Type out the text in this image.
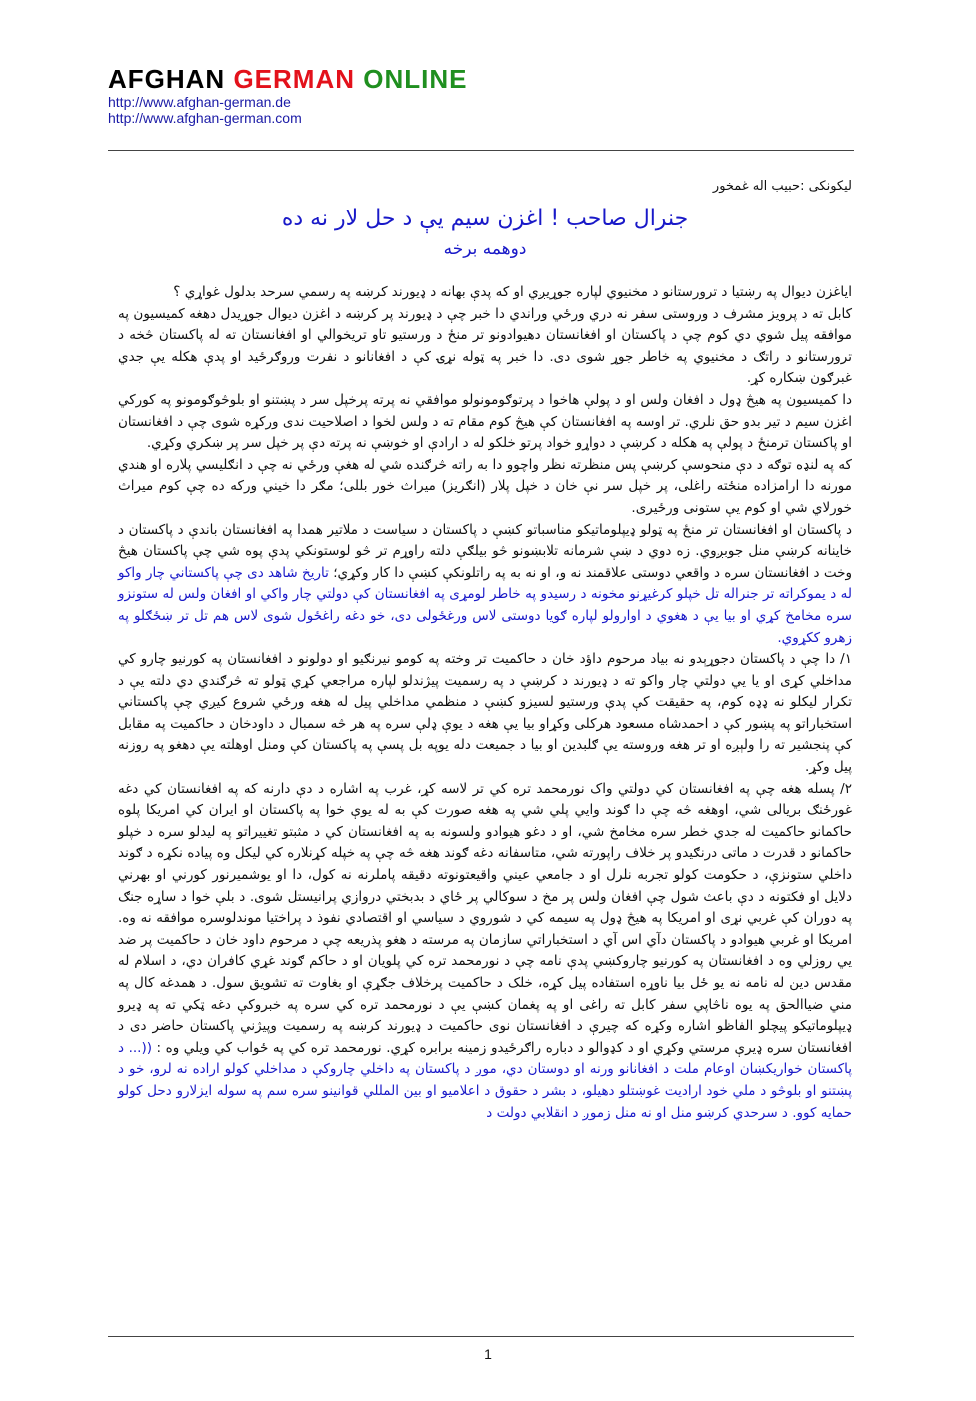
AFGHAN GERMAN ONLINE
http://www.afghan-german.de
http://www.afghan-german.com

ليکونکی :حبيب اله غمخور

جنرال صاحب ! اغزن سيم يې د حل لار نه ده
دوهمه برخه

اياغزن ديوال په رښتيا د ترورستانو د مخنيوي لپاره جوړيږي او که پدې بهانه د ډيورند کرښه په رسمي سرحد بدلول غواړي ؟

کابل ته د پرويز مشرف د وروستی سفر نه دري ورځي وراندي دا خبر چې د ډيورند پر کرښه د اغزن ديوال جوړيدل دهغه کميسيون په موافقه پيل شوي دي کوم چې د پاکستان او افغانستان دهيوادونو تر منځ د ورستيو تاو تريخوالي او افغانستان ته له پاکستان څخه د ترورستانو د راتګ د مخنيوي په خاطر جوړ شوی دی. دا خبر په ټوله نړۍ کې د افغانانو د نفرت وروګرځيد او پدې هکله يې جدي غبرګون ښکاره کړ.

دا کميسيون په هيڅ ډول د افغان ولس او د پولې هاخوا د پرتوګومونولو موافقي نه پرته پرخپل سر د پښتنو او بلوڅوګومونو په کورکي اغزن سيم د تير بدو حق نلري. تر اوسه په افغانستان کې هيڅ کوم مقام ته د ولس لخوا د اصلاحيت ندی ورکړه شوی چې د افغانستان او پاکستان ترمنځ د پولې په هکله د کرښې د دواړو خواد پرتو خلکو له د ارادې او خوښې نه پرته دې پر خپل سر پر ښکري وکړي.

که په لنډه توګه د دې منحوسې کرښې پس منظرته نظر واچوو دا به راته څرګنده شي له هغې ورځي نه چې د انګليسي پلاره او هندي مورنه دا ارامزاده منځته راغلی، پر خپل سر نې خان د خپل پلار (انګريز) ميراث خور بللی؛ مګر دا خيني ورکه ده چې کوم ميراث خورلاي شي او کوم يې ستونی ورځيری.

د پاکستان او افغانستان تر منځ په ټولو ډيپلوماتيکو مناسباتو کښې د پاکستان د سياست د ملاتير همدا په افغانستان باندې د پاکستان د خاينانه کرښې منل جوبږوي. زه دوي د ښې شرمانه تلابښونو څو بيلګې دلته راوړم تر څو لوستونکي پدې پوه شي چې پاکستان هيڅ وخت د افغانستان سره د واقعي دوستی علاقمند نه و، او نه به په راتلونکې کښې دا کار وکړي؛ تاريخ شاهد دی چې پاکستاني چار واکو له د يموکراته تر جنراله تل خپلو کرغيړنو مخونه د رسيدو په خاطر لومړی په افغانستان کې دولتي چار واکي او افغان ولس له ستونزو سره مخامخ کړي او بيا يې د هغوي د اوارولو لپاره ګويا دوستی لاس ورغځولی دی، خو دغه راغځول شوی لاس هم تل تر ښځګلو په زهرو ککړوي.

۱/ دا چې د پاکستان دجوړېدو نه بياد مرحوم داؤد خان د حاکميت تر وخته په کومو نيرنګيو او دولونو د افغانستان په کورنيو چارو کي مداخلي کړی او يا يي دولتي چار واکو ته د ډيورند د کرښې د په رسميت پيژندلو لپاره مراجعي کړي ټولو ته څرګندي دي دلته يې د تکرار ليکلو نه ډډه کوم، په حقيقت کې پدې ورستيو لسيزو کښې د منظمي مداخلي پيل له هغه ورځي شروع کيږي چې پاکستاني استخباراتو په پښور کې د احمدشاه مسعود هرکلی وکړاو بيا يې هغه د يوې ډلې سره په هر څه سمبال د داودخان د حاکميت په مقابل کې پنجشير ته را ولېږه او تر هغه وروسته يې ګلبدين او بيا د جميعت دله يوپه بل پسې په پاکستان کې ومنل اوهلته يې دهغو په روزنه پيل وکړ.

۲/ پسله هغه چې په افغانستان کي دولتي واک نورمحمد تره کي تر لاسه کړ، غرب په اشاره د دې دارنه که په افغانستان کي دغه غورځنګ بريالی شي، اوهغه څه چې دا ګوند وايي پلي شي په هغه صورت کې به له يوې خوا په پاکستان او ايران کي امريکا پلوه حاکمانو حاکميت له جدي خطر سره مخامخ شي، او د دغو هيوادو ولسونه به په افغانستان کي د مثبتو تغييراتو په ليدلو سره د خپلو حاکمانو د قدرت د ماتی درنګيدو پر خلاف راپورته شي، متاسفانه دغه ګوند هغه څه چې په خپله کړنلاره کي ليکل وه پياده نکړه د ګوند داخلي ستونزې، د حکومت کولو تجربه نلرل او د جامعي عيني واقيعتونوته دقيقه پاملرنه نه کول، دا او يوشميرنور کورني او بهرني دلايل او فکتونه د دې باعث شول چې افغان ولس پر مخ د سوکالي پر ځاي د بدبختي دروازي پرانيستل شوی. د بلې خوا د ساړه جنګ په دوران کې غربي نړی او امريکا په هيڅ ډول په سيمه کي د شوروي د سياسي او اقتصادي نفوذ د پراختيا موندلوسره موافقه نه وه. امريکا او غربي هيوادو د پاکستان دآي اس آي د استخباراتي سازمان په مرسته د هغو پذريعه چې د مرحوم داود خان د حاکميت پر ضد يي روزلي وه د افغانستان په کورنيو چاروکښي پدې نامه چې د نورمحمد تره کي پلويان او د حاکم ګوند غړي کافران دي، د اسلام له مقدس دين له نامه نه يو ځل بيا ناوړه استفاده پيل کړه، خلک د حاکميت پرخلاف جګړې او بغاوت ته تشويق سول. د همدغه کال په مني ضياالحق په يوه ناڅاپي سفر کابل ته راغی او په پغمان کښې يې د نورمحمد تره کي سره په خبروکې دغه ټکي ته په ډيرو ډيپلوماتيکو پيچلو الفاظو اشاره وکړه که چيرې د افغانستان نوی حاکميت د ډيورند کرښه په رسميت وپيژني پاکستان حاضر دی د افغانستان سره ډيرې مرستي وکړي او د کډوالو د دباره راګرځيدو زمينه برابره کړي. نورمحمد تره کي په ځواب کي ويلي وه : ((... د پاکستان خواريکښان اوعام ملت د افغانانو ورنه او دوستان دي، موږ د پاکستان په داخلي چاروکې د مداخلي کولو اراده نه لرو، خو د پښتنو او بلوڅو د ملي خود ارادیت غوښتلو دهيلو، د بشر د حقوق د اعلاميو او بين المللي قوانينو سره سم په سوله ايزلارو دحل کولو حمايه کوو. د سرحدي کرښو منل او نه منل زموږ د انقلابي دولت د

1
